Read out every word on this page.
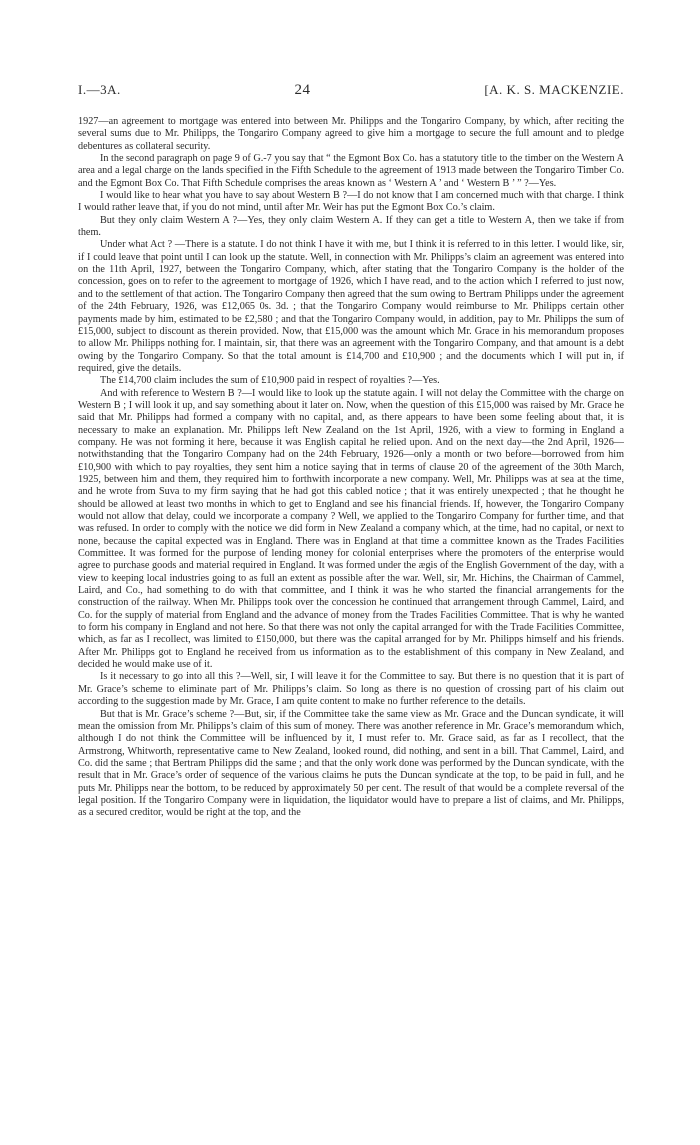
I.—3A.	24	[A. K. S. MACKENZIE.

1927—an agreement to mortgage was entered into between Mr. Philipps and the Tongariro Company, by which, after reciting the several sums due to Mr. Philipps, the Tongariro Company agreed to give him a mortgage to secure the full amount and to pledge debentures as collateral security.

In the second paragraph on page 9 of G.-7 you say that “ the Egmont Box Co. has a statutory title to the timber on the Western A area and a legal charge on the lands specified in the Fifth Schedule to the agreement of 1913 made between the Tongariro Timber Co. and the Egmont Box Co. That Fifth Schedule comprises the areas known as ‘ Western A ’ and ‘ Western B ’ ” ?—Yes.

I would like to hear what you have to say about Western B ?—I do not know that I am concerned much with that charge. I think I would rather leave that, if you do not mind, until after Mr. Weir has put the Egmont Box Co.’s claim.

But they only claim Western A ?—Yes, they only claim Western A. If they can get a title to Western A, then we take if from them.

Under what Act ? —There is a statute. I do not think I have it with me, but I think it is referred to in this letter. I would like, sir, if I could leave that point until I can look up the statute. Well, in connection with Mr. Philipps’s claim an agreement was entered into on the 11th April, 1927, between the Tongariro Company, which, after stating that the Tongariro Company is the holder of the concession, goes on to refer to the agreement to mortgage of 1926, which I have read, and to the action which I referred to just now, and to the settlement of that action. The Tongariro Company then agreed that the sum owing to Bertram Philipps under the agreement of the 24th February, 1926, was £12,065 0s. 3d. ; that the Tongariro Company would reimburse to Mr. Philipps certain other payments made by him, estimated to be £2,580 ; and that the Tongariro Company would, in addition, pay to Mr. Philipps the sum of £15,000, subject to discount as therein provided. Now, that £15,000 was the amount which Mr. Grace in his memorandum proposes to allow Mr. Philipps nothing for. I maintain, sir, that there was an agreement with the Tongariro Company, and that amount is a debt owing by the Tongariro Company. So that the total amount is £14,700 and £10,900 ; and the documents which I will put in, if required, give the details.

The £14,700 claim includes the sum of £10,900 paid in respect of royalties ?—Yes.

And with reference to Western B ?—I would like to look up the statute again. I will not delay the Committee with the charge on Western B ; I will look it up, and say something about it later on. Now, when the question of this £15,000 was raised by Mr. Grace he said that Mr. Philipps had formed a company with no capital, and, as there appears to have been some feeling about that, it is necessary to make an explanation. Mr. Philipps left New Zealand on the 1st April, 1926, with a view to forming in England a company. He was not forming it here, because it was English capital he relied upon. And on the next day—the 2nd April, 1926—notwithstanding that the Tongariro Company had on the 24th February, 1926—only a month or two before—borrowed from him £10,900 with which to pay royalties, they sent him a notice saying that in terms of clause 20 of the agreement of the 30th March, 1925, between him and them, they required him to forthwith incorporate a new company. Well, Mr. Philipps was at sea at the time, and he wrote from Suva to my firm saying that he had got this cabled notice ; that it was entirely unexpected ; that he thought he should be allowed at least two months in which to get to England and see his financial friends. If, however, the Tongariro Company would not allow that delay, could we incorporate a company ? Well, we applied to the Tongariro Company for further time, and that was refused. In order to comply with the notice we did form in New Zealand a company which, at the time, had no capital, or next to none, because the capital expected was in England. There was in England at that time a committee known as the Trades Facilities Committee. It was formed for the purpose of lending money for colonial enterprises where the promoters of the enterprise would agree to purchase goods and material required in England. It was formed under the ægis of the English Government of the day, with a view to keeping local industries going to as full an extent as possible after the war. Well, sir, Mr. Hichins, the Chairman of Cammel, Laird, and Co., had something to do with that committee, and I think it was he who started the financial arrangements for the construction of the railway. When Mr. Philipps took over the concession he continued that arrangement through Cammel, Laird, and Co. for the supply of material from England and the advance of money from the Trades Facilities Committee. That is why he wanted to form his company in England and not here. So that there was not only the capital arranged for with the Trade Facilities Committee, which, as far as I recollect, was limited to £150,000, but there was the capital arranged for by Mr. Philipps himself and his friends. After Mr. Philipps got to England he received from us information as to the establishment of this company in New Zealand, and decided he would make use of it.

Is it necessary to go into all this ?—Well, sir, I will leave it for the Committee to say. But there is no question that it is part of Mr. Grace’s scheme to eliminate part of Mr. Philipps’s claim. So long as there is no question of crossing part of his claim out according to the suggestion made by Mr. Grace, I am quite content to make no further reference to the details.

But that is Mr. Grace’s scheme ?—But, sir, if the Committee take the same view as Mr. Grace and the Duncan syndicate, it will mean the omission from Mr. Philipps’s claim of this sum of money. There was another reference in Mr. Grace’s memorandum which, although I do not think the Committee will be influenced by it, I must refer to. Mr. Grace said, as far as I recollect, that the Armstrong, Whitworth, representative came to New Zealand, looked round, did nothing, and sent in a bill. That Cammel, Laird, and Co. did the same ; that Bertram Philipps did the same ; and that the only work done was performed by the Duncan syndicate, with the result that in Mr. Grace’s order of sequence of the various claims he puts the Duncan syndicate at the top, to be paid in full, and he puts Mr. Philipps near the bottom, to be reduced by approximately 50 per cent. The result of that would be a complete reversal of the legal position. If the Tongariro Company were in liquidation, the liquidator would have to prepare a list of claims, and Mr. Philipps, as a secured creditor, would be right at the top, and the
